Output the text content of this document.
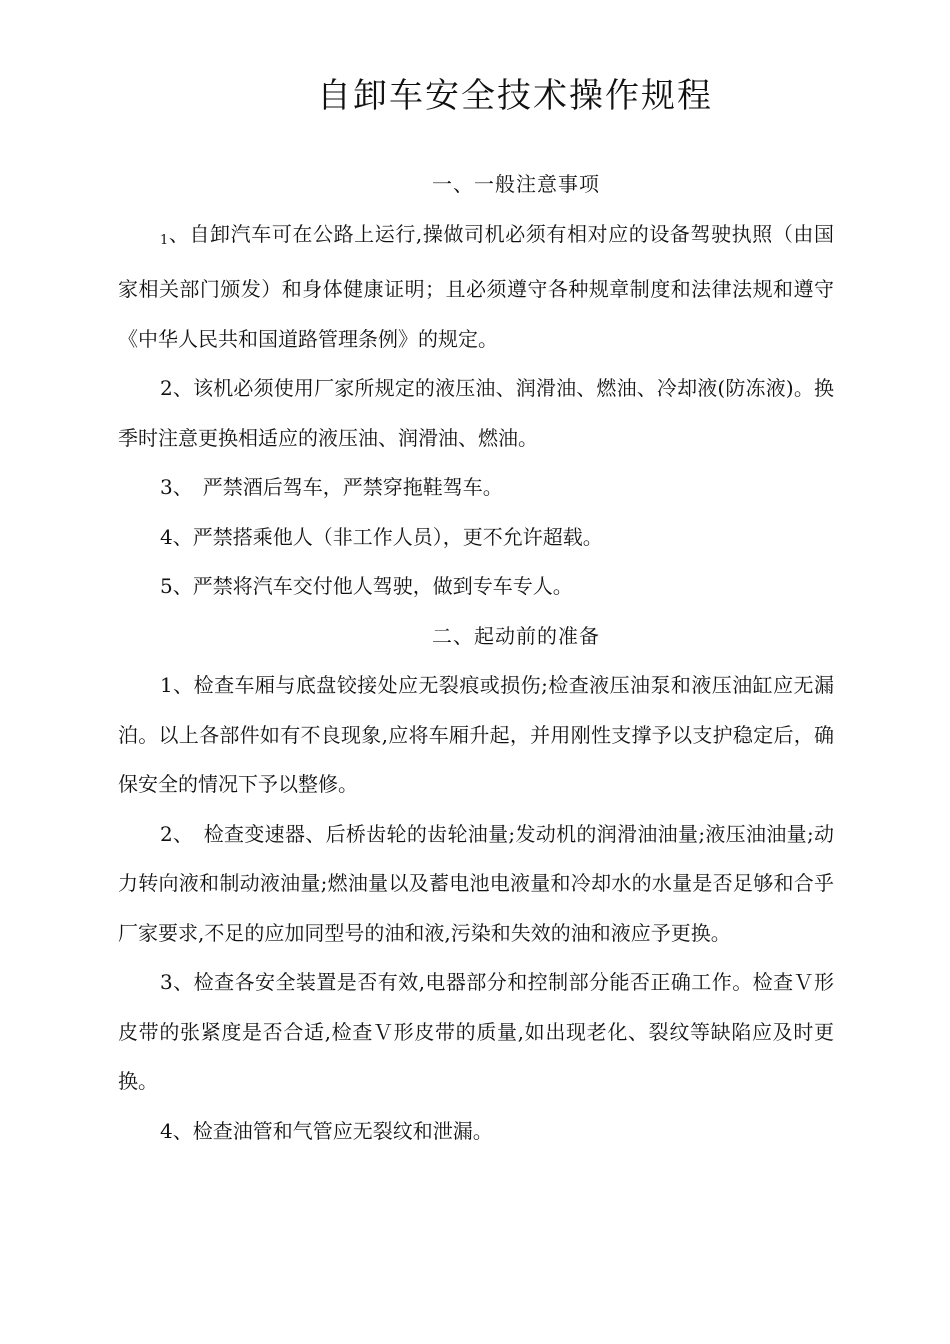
自卸车安全技术操作规程
一、一般注意事项

1、自卸汽车可在公路上运行,操做司机必须有相对应的设备驾驶执照（由国家相关部门颁发）和身体健康证明；且必须遵守各种规章制度和法律法规和遵守《中华人民共和国道路管理条例》的规定。

2、该机必须使用厂家所规定的液压油、润滑油、燃油、冷却液(防冻液)。换季时注意更换相适应的液压油、润滑油、燃油。

3、　严禁酒后驾车，严禁穿拖鞋驾车。

4、严禁搭乘他人（非工作人员），更不允许超载。

5、严禁将汽车交付他人驾驶，做到专车专人。

二、起动前的准备

1、检查车厢与底盘铰接处应无裂痕或损伤;检查液压油泵和液压油缸应无漏泊。以上各部件如有不良现象,应将车厢升起，并用刚性支撑予以支护稳定后，确保安全的情况下予以整修。

2、　检查变速器、后桥齿轮的齿轮油量;发动机的润滑油油量;液压油油量;动力转向液和制动液油量;燃油量以及蓄电池电液量和冷却水的水量是否足够和合乎厂家要求,不足的应加同型号的油和液,污染和失效的油和液应予更换。

3、检查各安全装置是否有效,电器部分和控制部分能否正确工作。检查Ｖ形皮带的张紧度是否合适,检查Ｖ形皮带的质量,如出现老化、裂纹等缺陷应及时更换。

4、检查油管和气管应无裂纹和泄漏。
